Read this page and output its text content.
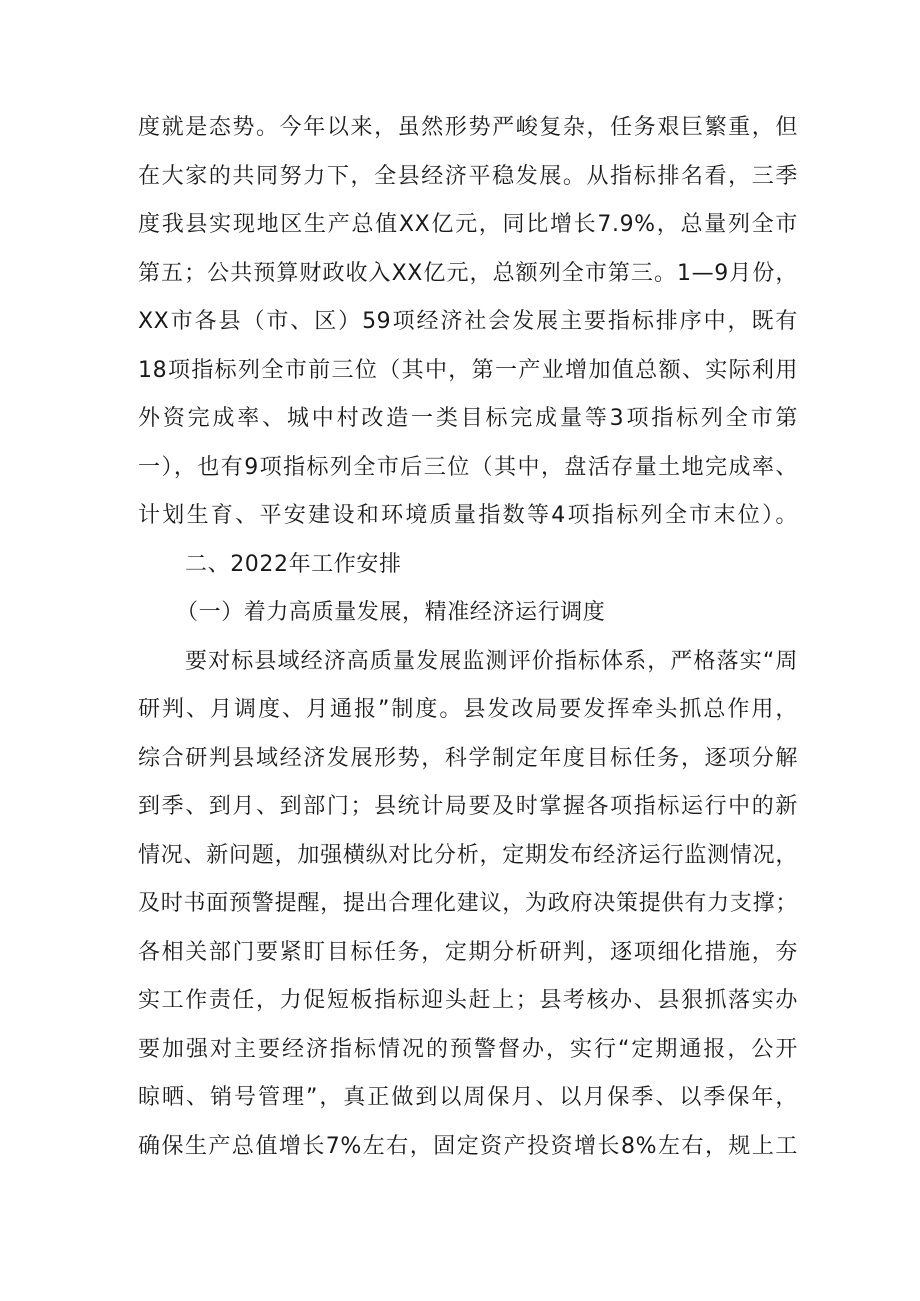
度就是态势。今年以来，虽然形势严峻复杂，任务艰巨繁重，但
在大家的共同努力下，全县经济平稳发展。从指标排名看，三季
度我县实现地区生产总值XX亿元，同比增长7.9%，总量列全市
第五；公共预算财政收入XX亿元，总额列全市第三。1—9月份，
XX市各县（市、区）59项经济社会发展主要指标排序中，既有
18项指标列全市前三位（其中，第一产业增加值总额、实际利用
外资完成率、城中村改造一类目标完成量等3项指标列全市第
一），也有9项指标列全市后三位（其中，盘活存量土地完成率、
计划生育、平安建设和环境质量指数等4项指标列全市末位）。
二、2022年工作安排
（一）着力高质量发展，精准经济运行调度
要对标县域经济高质量发展监测评价指标体系，严格落实“周
研判、月调度、月通报”制度。县发改局要发挥牵头抓总作用，
综合研判县域经济发展形势，科学制定年度目标任务，逐项分解
到季、到月、到部门；县统计局要及时掌握各项指标运行中的新
情况、新问题，加强横纵对比分析，定期发布经济运行监测情况，
及时书面预警提醒，提出合理化建议，为政府决策提供有力支撑；
各相关部门要紧盯目标任务，定期分析研判，逐项细化措施，夯
实工作责任，力促短板指标迎头赶上；县考核办、县狠抓落实办
要加强对主要经济指标情况的预警督办，实行“定期通报，公开
晾晒、销号管理”，真正做到以周保月、以月保季、以季保年，
确保生产总值增长7%左右，固定资产投资增长8%左右，规上工
